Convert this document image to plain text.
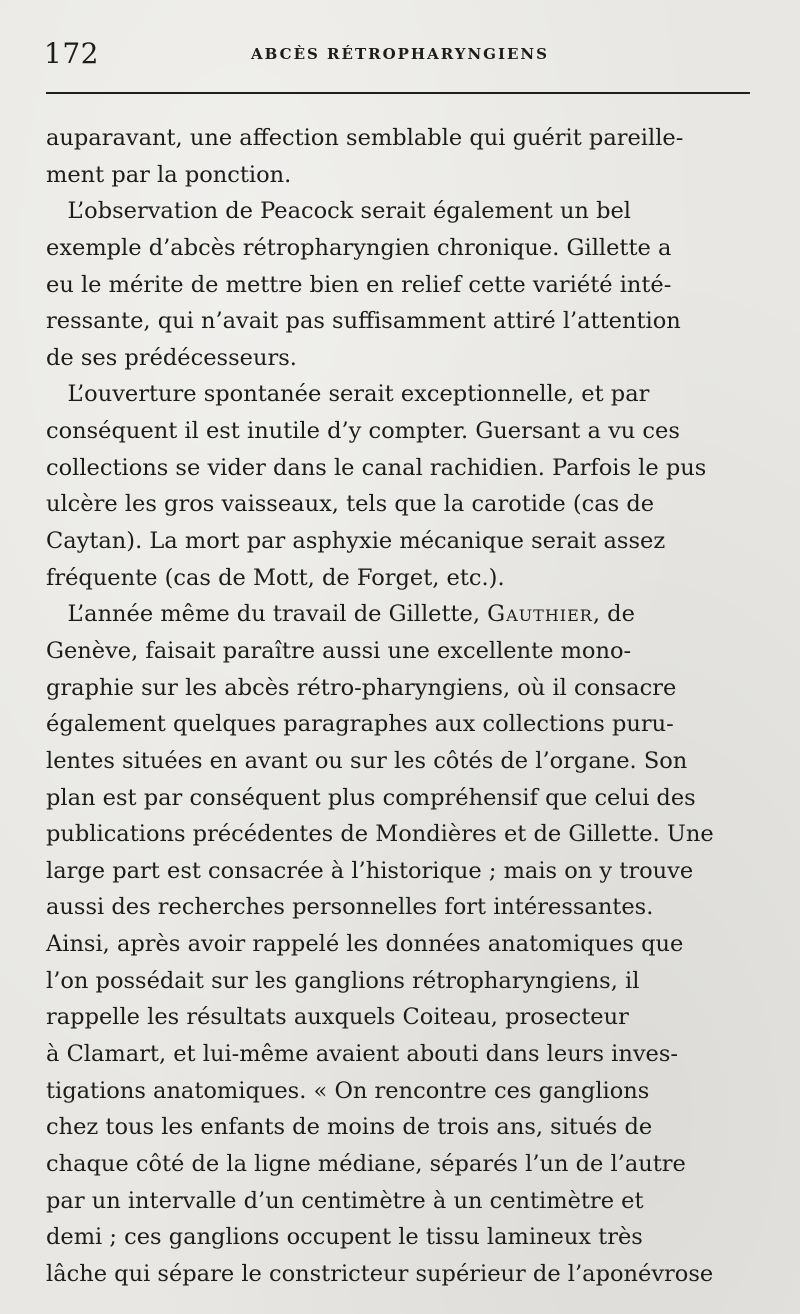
172	ABCÈS RÉTROPHARYNGIENS
auparavant, une affection semblable qui guérit pareille-
ment par la ponction.
L’observation de Peacock serait également un bel
exemple d’abcès rétropharyngien chronique. Gillette a
eu le mérite de mettre bien en relief cette variété inté-
ressante, qui n’avait pas suffisamment attiré l’attention
de ses prédécesseurs.
L’ouverture spontanée serait exceptionnelle, et par
conséquent il est inutile d’y compter. Guersant a vu ces
collections se vider dans le canal rachidien. Parfois le pus
ulcère les gros vaisseaux, tels que la carotide (cas de
Caytan). La mort par asphyxie mécanique serait assez
fréquente (cas de Mott, de Forget, etc.).
L’année même du travail de Gillette, Gauthier, de
Genève, faisait paraître aussi une excellente mono-
graphie sur les abcès rétro-pharyngiens, où il consacre
également quelques paragraphes aux collections puru-
lentes situées en avant ou sur les côtés de l’organe. Son
plan est par conséquent plus compréhensif que celui des
publications précédentes de Mondières et de Gillette. Une
large part est consacrée à l’historique ; mais on y trouve
aussi des recherches personnelles fort intéressantes.
Ainsi, après avoir rappelé les données anatomiques que
l’on possédait sur les ganglions rétropharyngiens, il
rappelle les résultats auxquels Coiteau, prosecteur
à Clamart, et lui-même avaient abouti dans leurs inves-
tigations anatomiques. « On rencontre ces ganglions
chez tous les enfants de moins de trois ans, situés de
chaque côté de la ligne médiane, séparés l’un de l’autre
par un intervalle d’un centimètre à un centimètre et
demi ; ces ganglions occupent le tissu lamineux très
lâche qui sépare le constricteur supérieur de l’aponévrose
